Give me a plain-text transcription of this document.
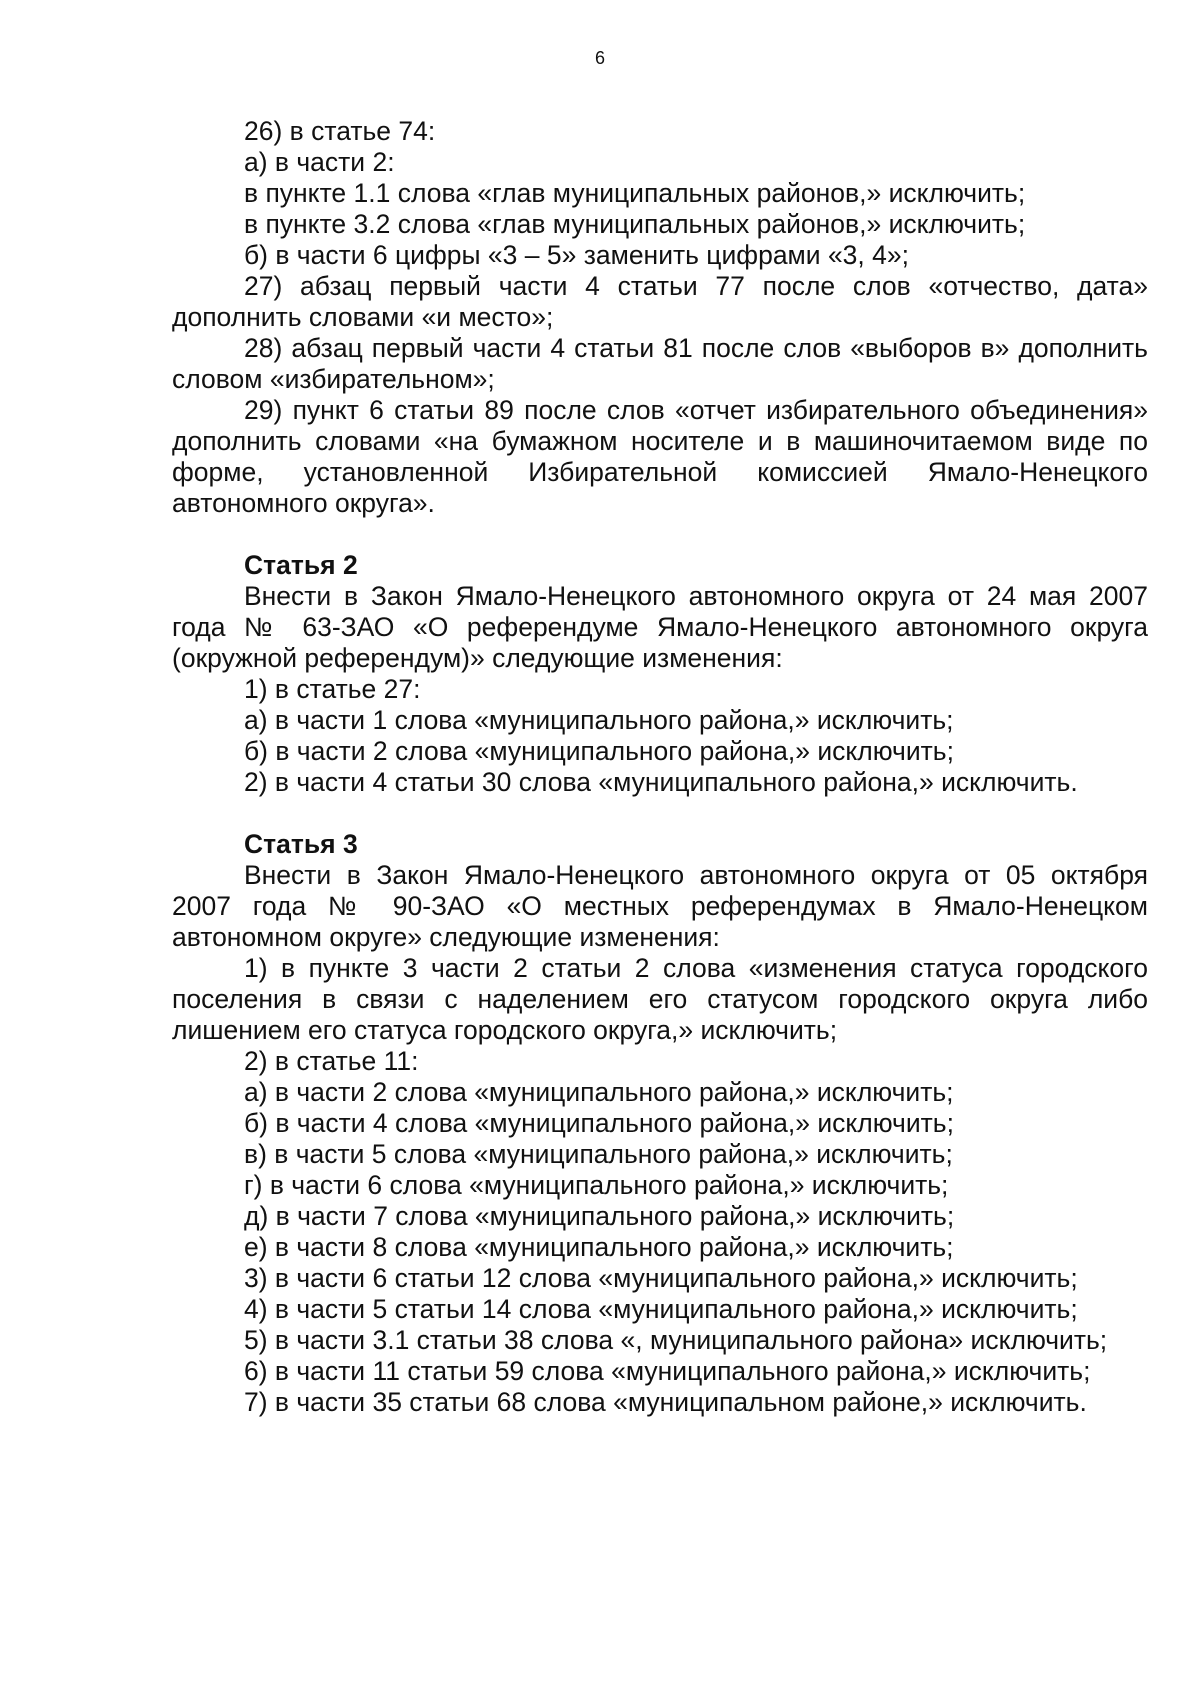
6

26) в статье 74:

а) в части 2:

в пункте 1.1 слова «глав муниципальных районов,» исключить;

в пункте 3.2 слова «глав муниципальных районов,» исключить;

б) в части 6 цифры «3 – 5» заменить цифрами «3, 4»;

27) абзац первый части 4 статьи 77 после слов «отчество, дата» дополнить словами «и место»;

28) абзац первый части 4 статьи 81 после слов «выборов в» дополнить словом «избирательном»;

29) пункт 6 статьи 89 после слов «отчет избирательного объединения» дополнить словами «на бумажном носителе и в машиночитаемом виде по форме, установленной Избирательной комиссией Ямало-Ненецкого автономного округа».

Статья 2

Внести в Закон Ямало-Ненецкого автономного округа от 24 мая 2007 года № 63-ЗАО «О референдуме Ямало-Ненецкого автономного округа (окружной референдум)» следующие изменения:

1) в статье 27:

а) в части 1 слова «муниципального района,» исключить;

б) в части 2 слова «муниципального района,» исключить;

2) в части 4 статьи 30 слова «муниципального района,» исключить.

Статья 3

Внести в Закон Ямало-Ненецкого автономного округа от 05 октября 2007 года № 90-ЗАО «О местных референдумах в Ямало-Ненецком автономном округе» следующие изменения:

1) в пункте 3 части 2 статьи 2 слова «изменения статуса городского поселения в связи с наделением его статусом городского округа либо лишением его статуса городского округа,» исключить;

2) в статье 11:

а) в части 2 слова «муниципального района,» исключить;

б) в части 4 слова «муниципального района,» исключить;

в) в части 5 слова «муниципального района,» исключить;

г) в части 6 слова «муниципального района,» исключить;

д) в части 7 слова «муниципального района,» исключить;

е) в части 8 слова «муниципального района,» исключить;

3) в части 6 статьи 12 слова «муниципального района,» исключить;

4) в части 5 статьи 14 слова «муниципального района,» исключить;

5) в части 3.1 статьи 38 слова «, муниципального района» исключить;

6) в части 11 статьи 59 слова «муниципального района,» исключить;

7) в части 35 статьи 68 слова «муниципальном районе,» исключить.
